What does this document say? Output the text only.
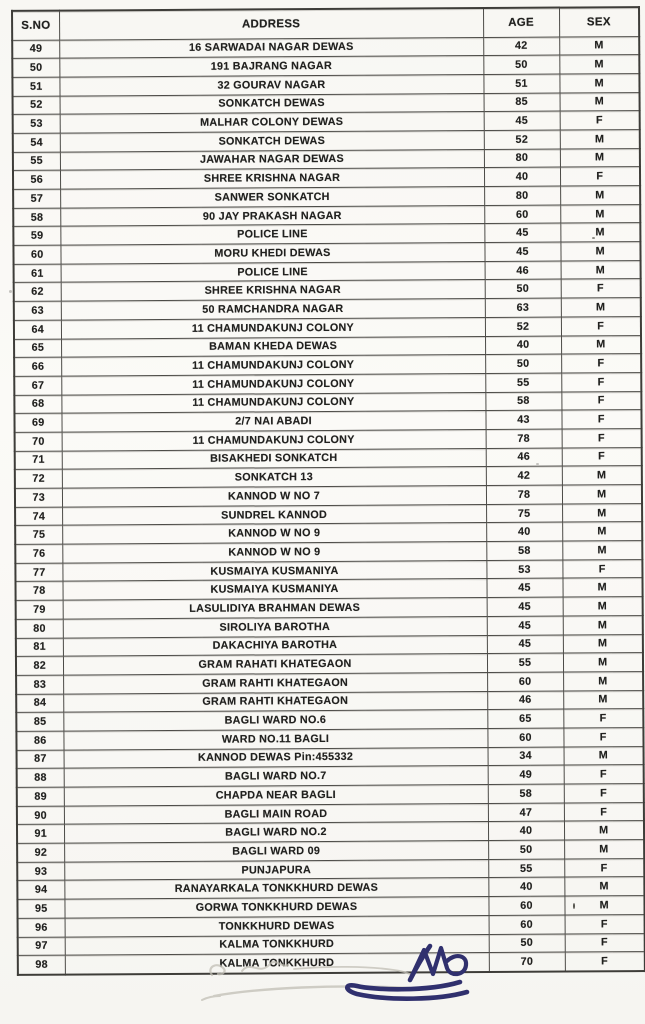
S.NO	ADDRESS	AGE	SEX
49	16 SARWADAI NAGAR DEWAS	42	M
50	191 BAJRANG NAGAR	50	M
51	32 GOURAV NAGAR	51	M
52	SONKATCH DEWAS	85	M
53	MALHAR COLONY DEWAS	45	F
54	SONKATCH DEWAS	52	M
55	JAWAHAR NAGAR DEWAS	80	M
56	SHREE KRISHNA NAGAR	40	F
57	SANWER SONKATCH	80	M
58	90 JAY PRAKASH NAGAR	60	M
59	POLICE LINE	45	M
60	MORU KHEDI DEWAS	45	M
61	POLICE LINE	46	M
62	SHREE KRISHNA NAGAR	50	F
63	50 RAMCHANDRA NAGAR	63	M
64	11 CHAMUNDAKUNJ COLONY	52	F
65	BAMAN KHEDA DEWAS	40	M
66	11 CHAMUNDAKUNJ COLONY	50	F
67	11 CHAMUNDAKUNJ COLONY	55	F
68	11 CHAMUNDAKUNJ COLONY	58	F
69	2/7 NAI ABADI	43	F
70	11 CHAMUNDAKUNJ COLONY	78	F
71	BISAKHEDI SONKATCH	46	F
72	SONKATCH 13	42	M
73	KANNOD W NO 7	78	M
74	SUNDREL KANNOD	75	M
75	KANNOD W NO 9	40	M
76	KANNOD W NO 9	58	M
77	KUSMAIYA KUSMANIYA	53	F
78	KUSMAIYA KUSMANIYA	45	M
79	LASULIDIYA BRAHMAN DEWAS	45	M
80	SIROLIYA BAROTHA	45	M
81	DAKACHIYA BAROTHA	45	M
82	GRAM RAHATI KHATEGAON	55	M
83	GRAM RAHTI KHATEGAON	60	M
84	GRAM RAHTI KHATEGAON	46	M
85	BAGLI WARD NO.6	65	F
86	WARD NO.11 BAGLI	60	F
87	KANNOD DEWAS Pin:455332	34	M
88	BAGLI WARD NO.7	49	F
89	CHAPDA NEAR BAGLI	58	F
90	BAGLI MAIN ROAD	47	F
91	BAGLI WARD NO.2	40	M
92	BAGLI WARD 09	50	M
93	PUNJAPURA	55	F
94	RANAYARKALA TONKKHURD DEWAS	40	M
95	GORWA TONKKHURD DEWAS	60	M
96	TONKKHURD DEWAS	60	F
97	KALMA TONKKHURD	50	F
98	KALMA TONKKHURD	70	F
